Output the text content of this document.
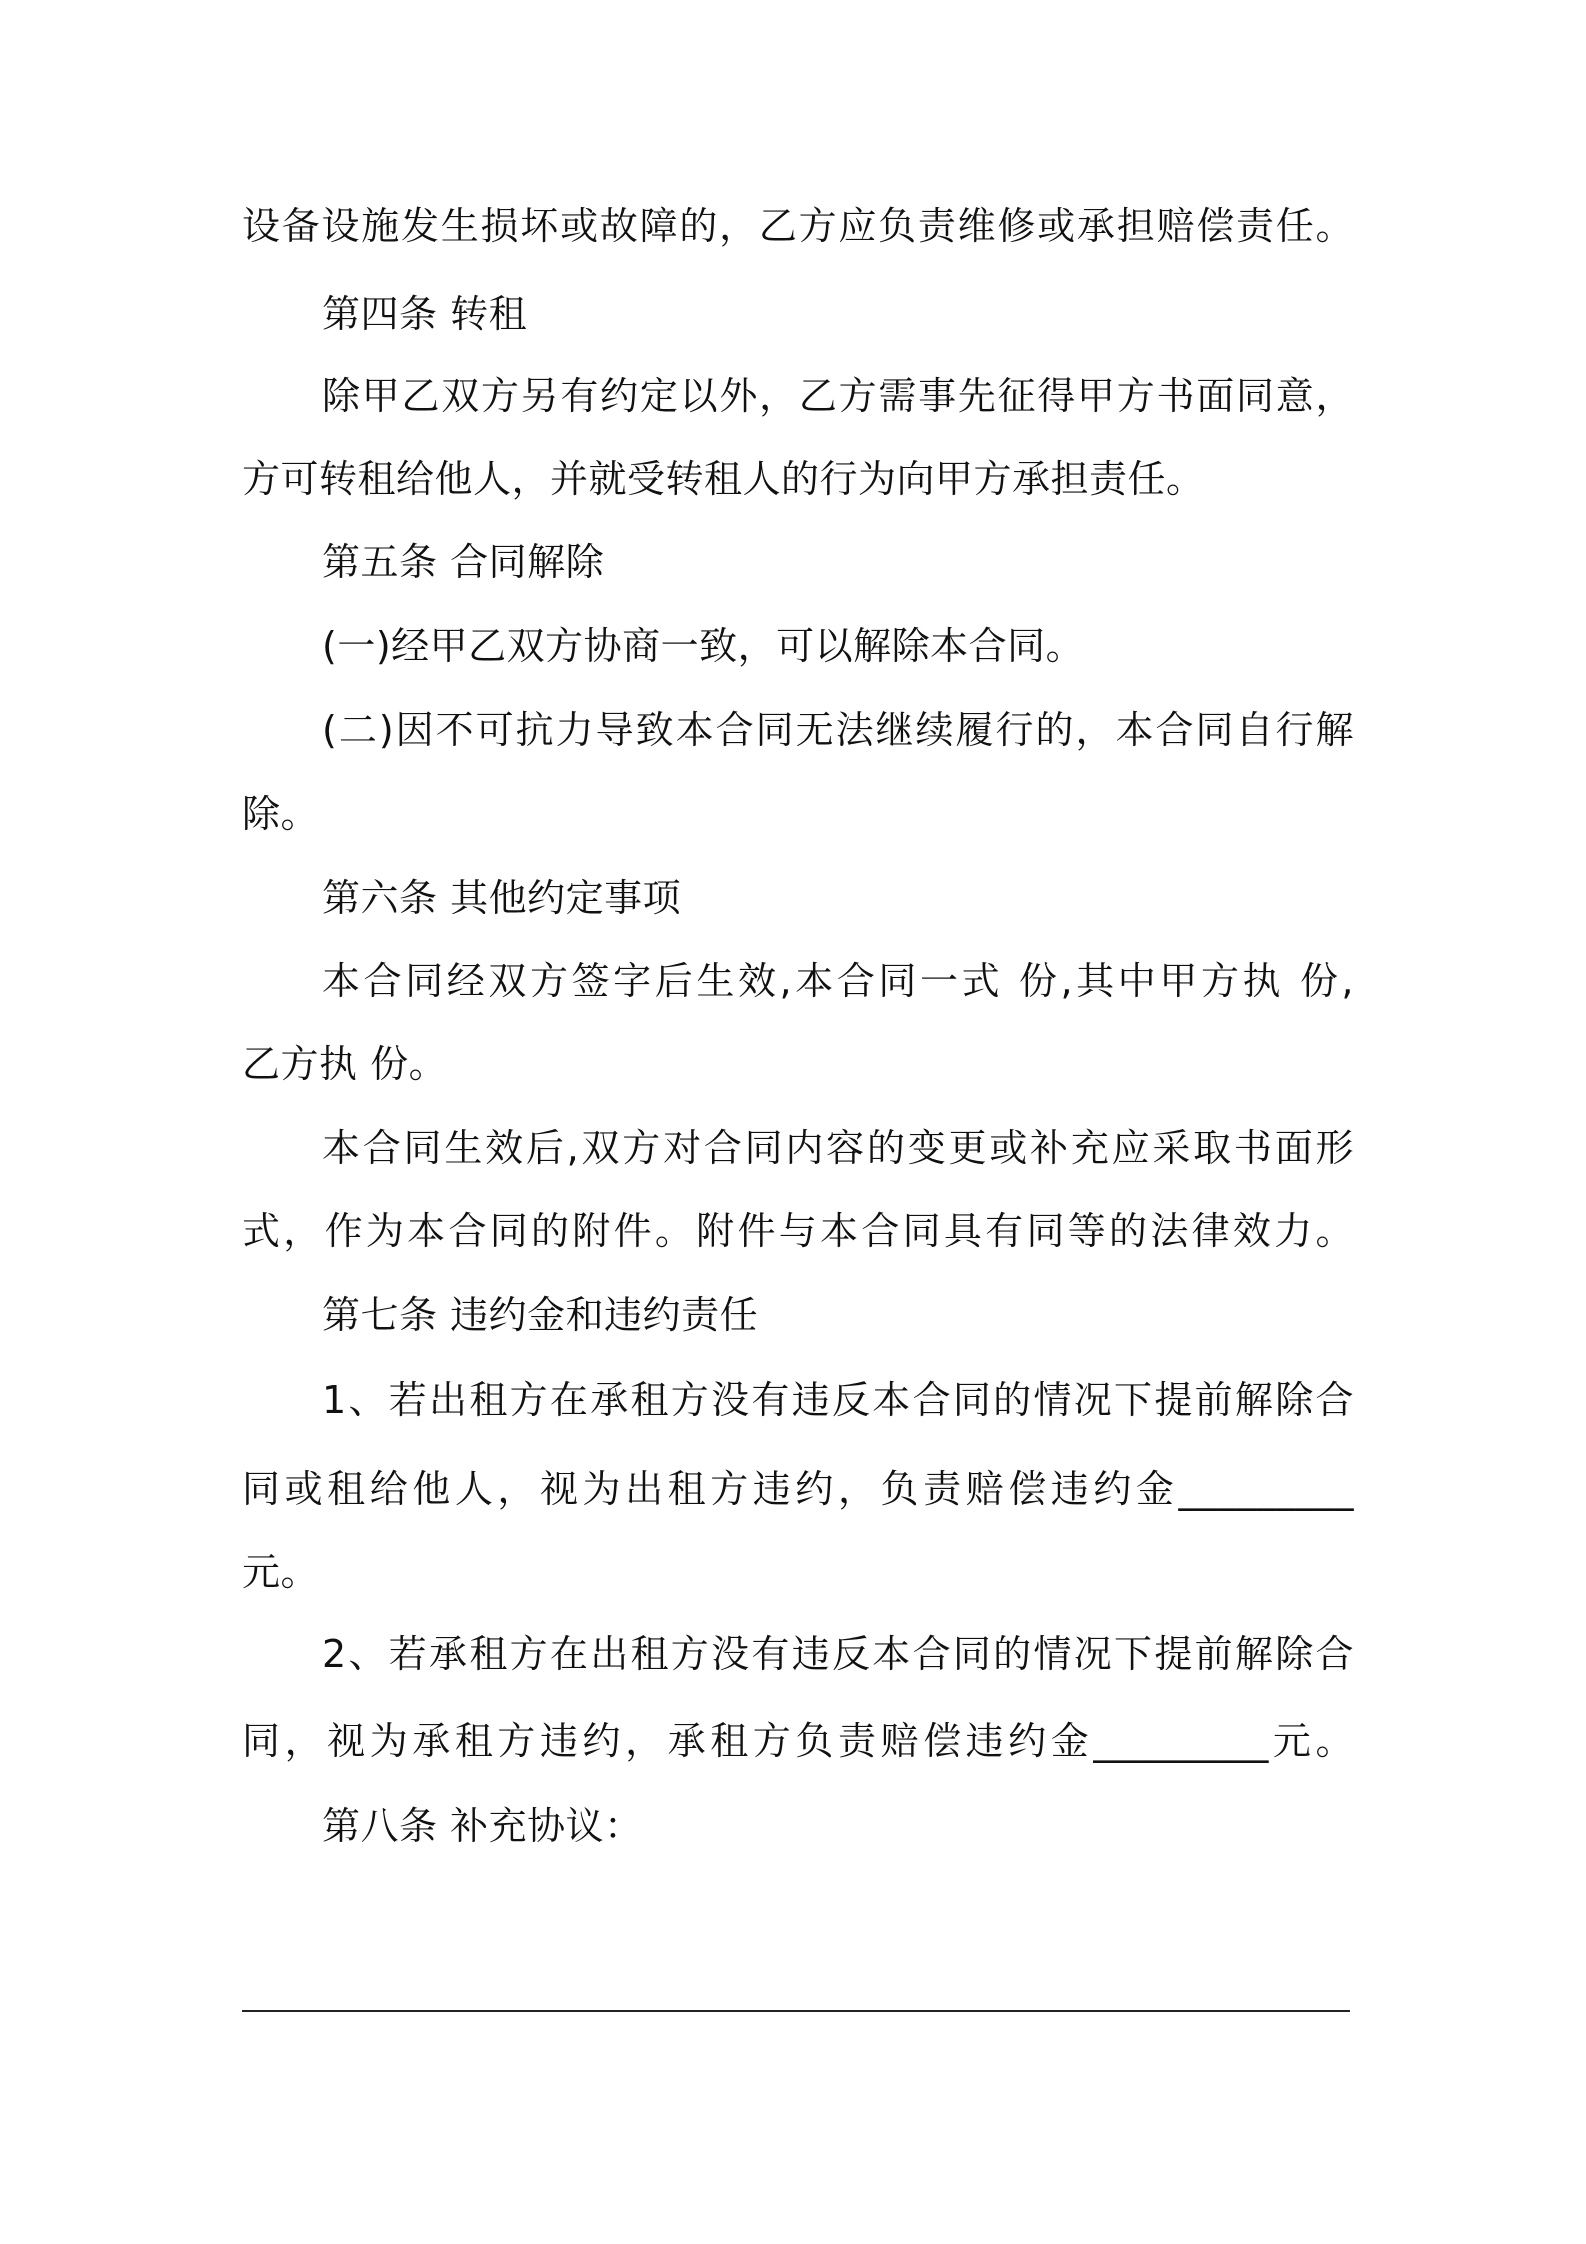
设备设施发生损坏或故障的，乙方应负责维修或承担赔偿责任。
第四条 转租
除甲乙双方另有约定以外，乙方需事先征得甲方书面同意，
方可转租给他人，并就受转租人的行为向甲方承担责任。
第五条 合同解除
(一)经甲乙双方协商一致，可以解除本合同。
(二)因不可抗力导致本合同无法继续履行的，本合同自行解
除。
第六条 其他约定事项
本合同经双方签字后生效,本合同一式 份,其中甲方执 份,
乙方执 份。
本合同生效后,双方对合同内容的变更或补充应采取书面形
式，作为本合同的附件。附件与本合同具有同等的法律效力。
第七条 违约金和违约责任
1、若出租方在承租方没有违反本合同的情况下提前解除合
同或租给他人，视为出租方违约，负责赔偿违约金_________
元。
2、若承租方在出租方没有违反本合同的情况下提前解除合
同，视为承租方违约，承租方负责赔偿违约金_________元。
第八条 补充协议：
